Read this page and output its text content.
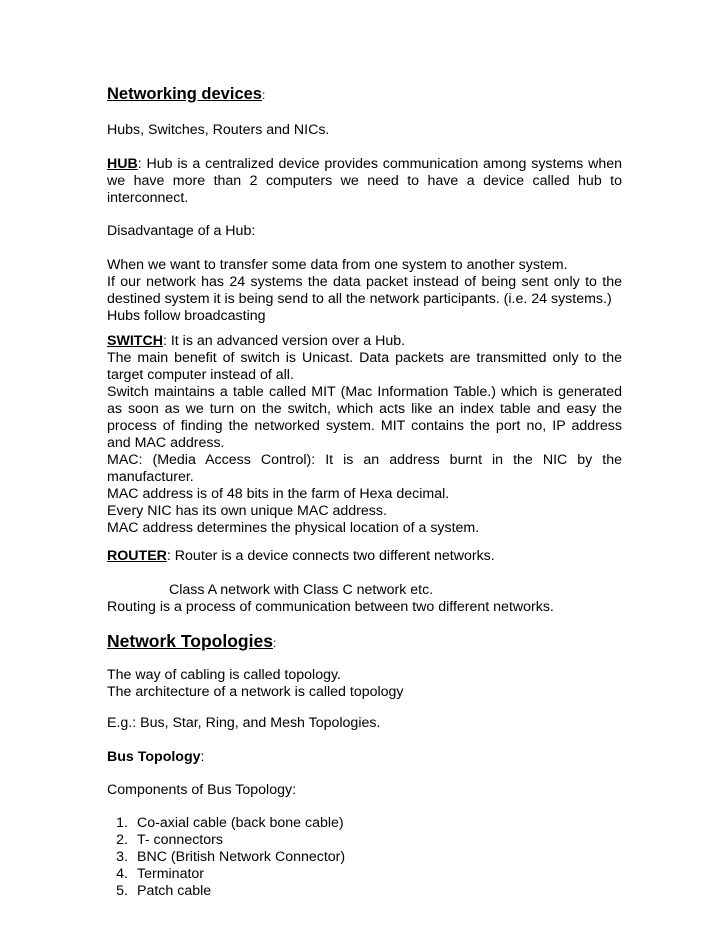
Networking devices:
Hubs, Switches, Routers and NICs.
HUB: Hub is a centralized device provides communication among systems when we have more than 2 computers we need to have a device called hub to interconnect.
Disadvantage of a Hub:
When we want to transfer some data from one system to another system.
If our network has 24 systems the data packet instead of being sent only to the destined system it is being send to all the network participants. (i.e. 24 systems.)
Hubs follow broadcasting
SWITCH: It is an advanced version over a Hub.
The main benefit of switch is Unicast. Data packets are transmitted only to the target computer instead of all.
Switch maintains a table called MIT (Mac Information Table.) which is generated as soon as we turn on the switch, which acts like an index table and easy the process of finding the networked system. MIT contains the port no, IP address and MAC address.
MAC: (Media Access Control): It is an address burnt in the NIC by the manufacturer.
MAC address is of 48 bits in the farm of Hexa decimal.
Every NIC has its own unique MAC address.
MAC address determines the physical location of a system.
ROUTER: Router is a device connects two different networks.
Class A network with Class C network etc.
Routing is a process of communication between two different networks.
Network Topologies:
The way of cabling is called topology.
The architecture of a network is called topology
E.g.: Bus, Star, Ring, and Mesh Topologies.
Bus Topology:
Components of Bus Topology:
1. Co-axial cable (back bone cable)
2. T- connectors
3. BNC (British Network Connector)
4. Terminator
5. Patch cable
